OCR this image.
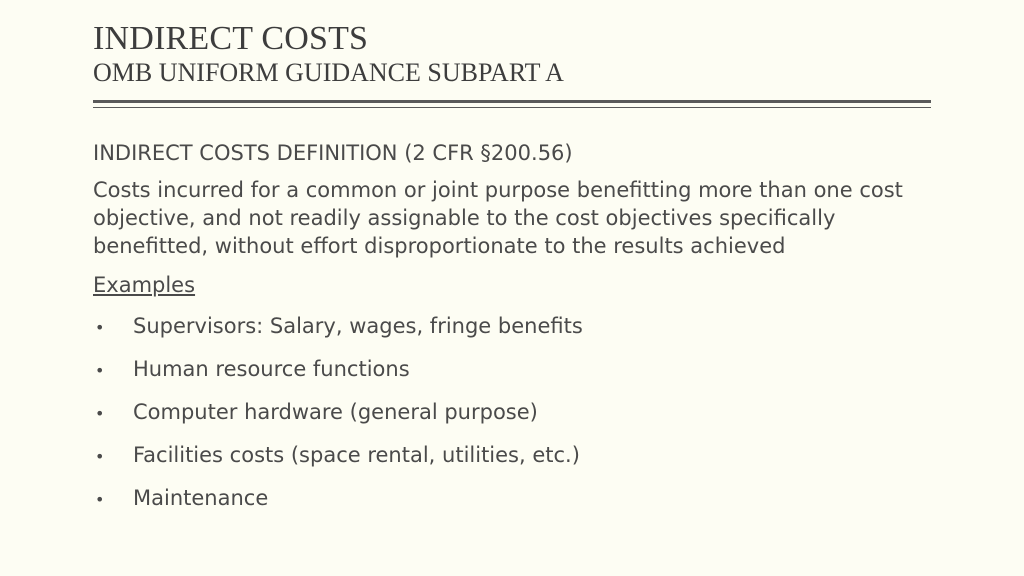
INDIRECT COSTS
OMB UNIFORM GUIDANCE SUBPART A

INDIRECT COSTS DEFINITION (2 CFR §200.56)

Costs incurred for a common or joint purpose benefitting more than one cost objective, and not readily assignable to the cost objectives specifically benefitted, without effort disproportionate to the results achieved

Examples

•	Supervisors: Salary, wages, fringe benefits
•	Human resource functions
•	Computer hardware (general purpose)
•	Facilities costs (space rental, utilities, etc.)
•	Maintenance
